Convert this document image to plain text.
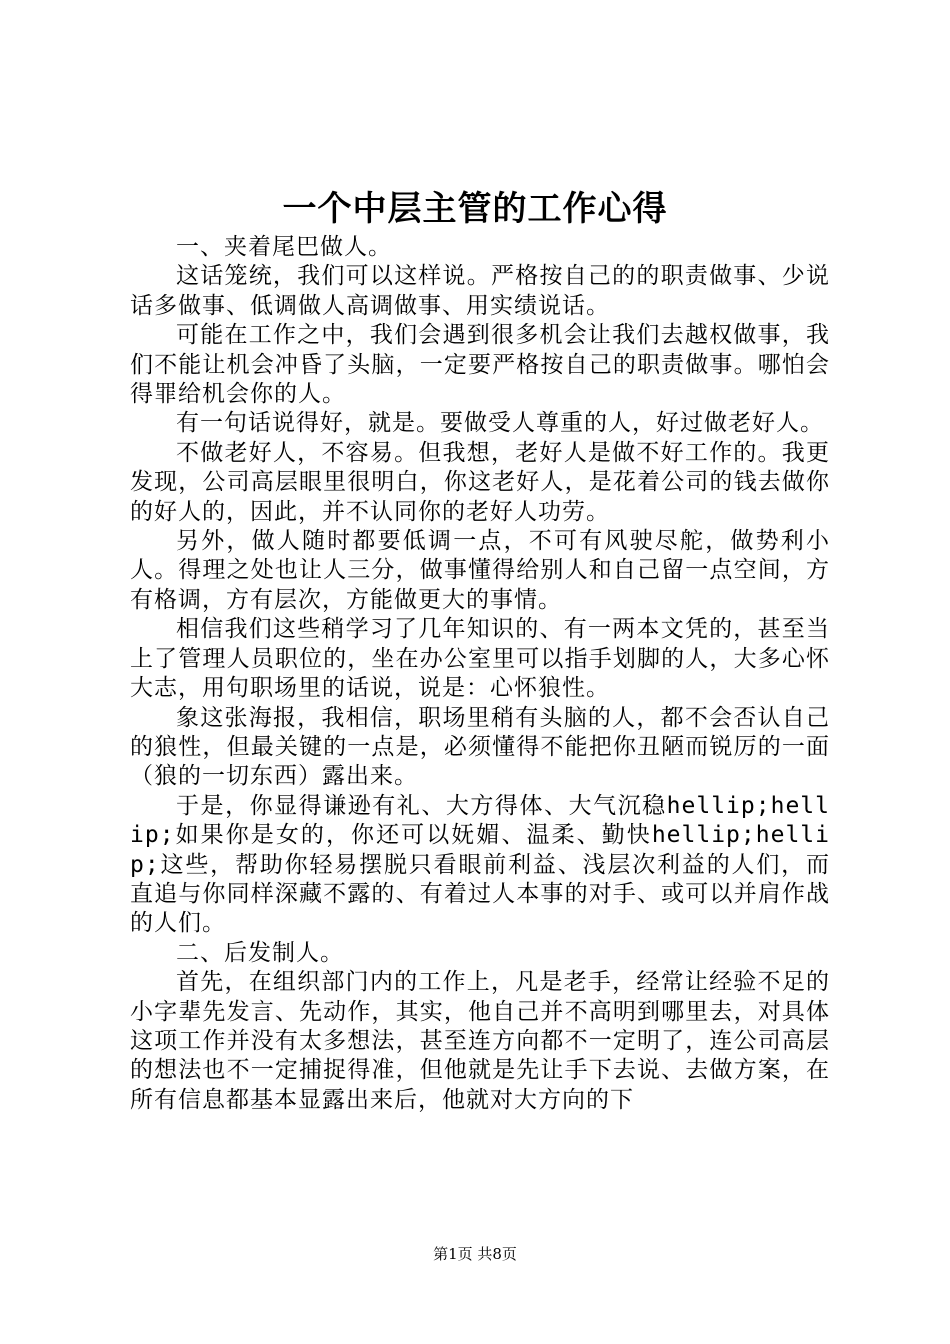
一个中层主管的工作心得

一、夹着尾巴做人。

这话笼统，我们可以这样说。严格按自己的的职责做事、少说话多做事、低调做人高调做事、用实绩说话。

可能在工作之中，我们会遇到很多机会让我们去越权做事，我们不能让机会冲昏了头脑，一定要严格按自己的职责做事。哪怕会得罪给机会你的人。

有一句话说得好，就是。要做受人尊重的人，好过做老好人。

不做老好人，不容易。但我想，老好人是做不好工作的。我更发现，公司高层眼里很明白，你这老好人，是花着公司的钱去做你的好人的，因此，并不认同你的老好人功劳。

另外，做人随时都要低调一点，不可有风驶尽舵，做势利小人。得理之处也让人三分，做事懂得给别人和自己留一点空间，方有格调，方有层次，方能做更大的事情。

相信我们这些稍学习了几年知识的、有一两本文凭的，甚至当上了管理人员职位的，坐在办公室里可以指手划脚的人，大多心怀大志，用句职场里的话说，说是：心怀狼性。

象这张海报，我相信，职场里稍有头脑的人，都不会否认自己的狼性，但最关键的一点是，必须懂得不能把你丑陋而锐厉的一面（狼的一切东西）露出来。

于是，你显得谦逊有礼、大方得体、大气沉稳hellip;hellip;如果你是女的，你还可以妩媚、温柔、勤快hellip;hellip;这些，帮助你轻易摆脱只看眼前利益、浅层次利益的人们，而直追与你同样深藏不露的、有着过人本事的对手、或可以并肩作战的人们。

二、后发制人。

首先，在组织部门内的工作上，凡是老手，经常让经验不足的小字辈先发言、先动作，其实，他自己并不高明到哪里去，对具体这项工作并没有太多想法，甚至连方向都不一定明了，连公司高层的想法也不一定捕捉得准，但他就是先让手下去说、去做方案，在所有信息都基本显露出来后，他就对大方向的下

第1页 共8页
